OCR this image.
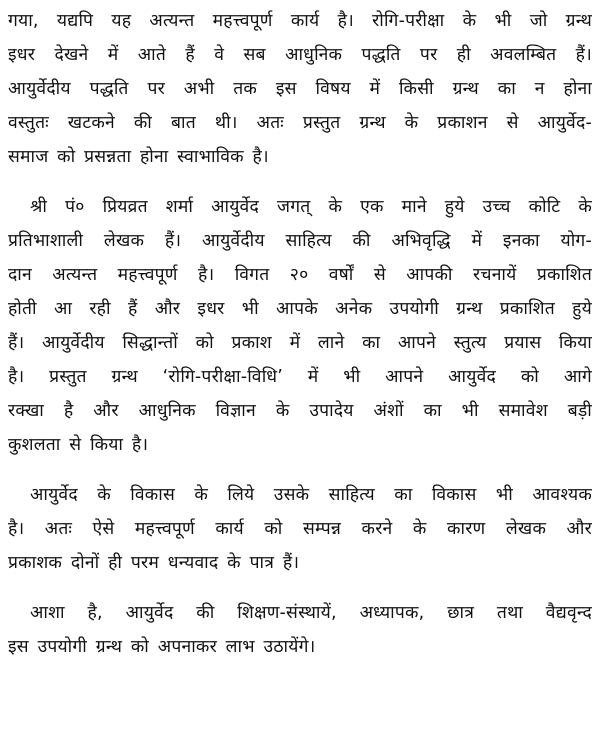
गया, यद्यपि यह अत्यन्त महत्त्वपूर्ण कार्य है। रोगि-परीक्षा के भी जो ग्रन्थ
इधर देखने में आते हैं वे सब आधुनिक पद्धति पर ही अवलम्बित हैं।
आयुर्वेदीय पद्धति पर अभी तक इस विषय में किसी ग्रन्थ का न होना
वस्तुतः खटकने की बात थी। अतः प्रस्तुत ग्रन्थ के प्रकाशन से आयुर्वेद-
समाज को प्रसन्नता होना स्वाभाविक है।
श्री पं० प्रियव्रत शर्मा आयुर्वेद जगत् के एक माने हुये उच्च कोटि के
प्रतिभाशाली लेखक हैं। आयुर्वेदीय साहित्य की अभिवृद्धि में इनका योग-
दान अत्यन्त महत्त्वपूर्ण है। विगत २० वर्षों से आपकी रचनायें प्रकाशित
होती आ रही हैं और इधर भी आपके अनेक उपयोगी ग्रन्थ प्रकाशित हुये
हैं। आयुर्वेदीय सिद्धान्तों को प्रकाश में लाने का आपने स्तुत्य प्रयास किया
है। प्रस्तुत ग्रन्थ ‘रोगि-परीक्षा-विधि’ में भी आपने आयुर्वेद को आगे
रक्खा है और आधुनिक विज्ञान के उपादेय अंशों का भी समावेश बड़ी
कुशलता से किया है।
आयुर्वेद के विकास के लिये उसके साहित्य का विकास भी आवश्यक
है। अतः ऐसे महत्त्वपूर्ण कार्य को सम्पन्न करने के कारण लेखक और
प्रकाशक दोनों ही परम धन्यवाद के पात्र हैं।
आशा है, आयुर्वेद की शिक्षण-संस्थायें, अध्यापक, छात्र तथा वैद्यवृन्द
इस उपयोगी ग्रन्थ को अपनाकर लाभ उठायेंगे।
